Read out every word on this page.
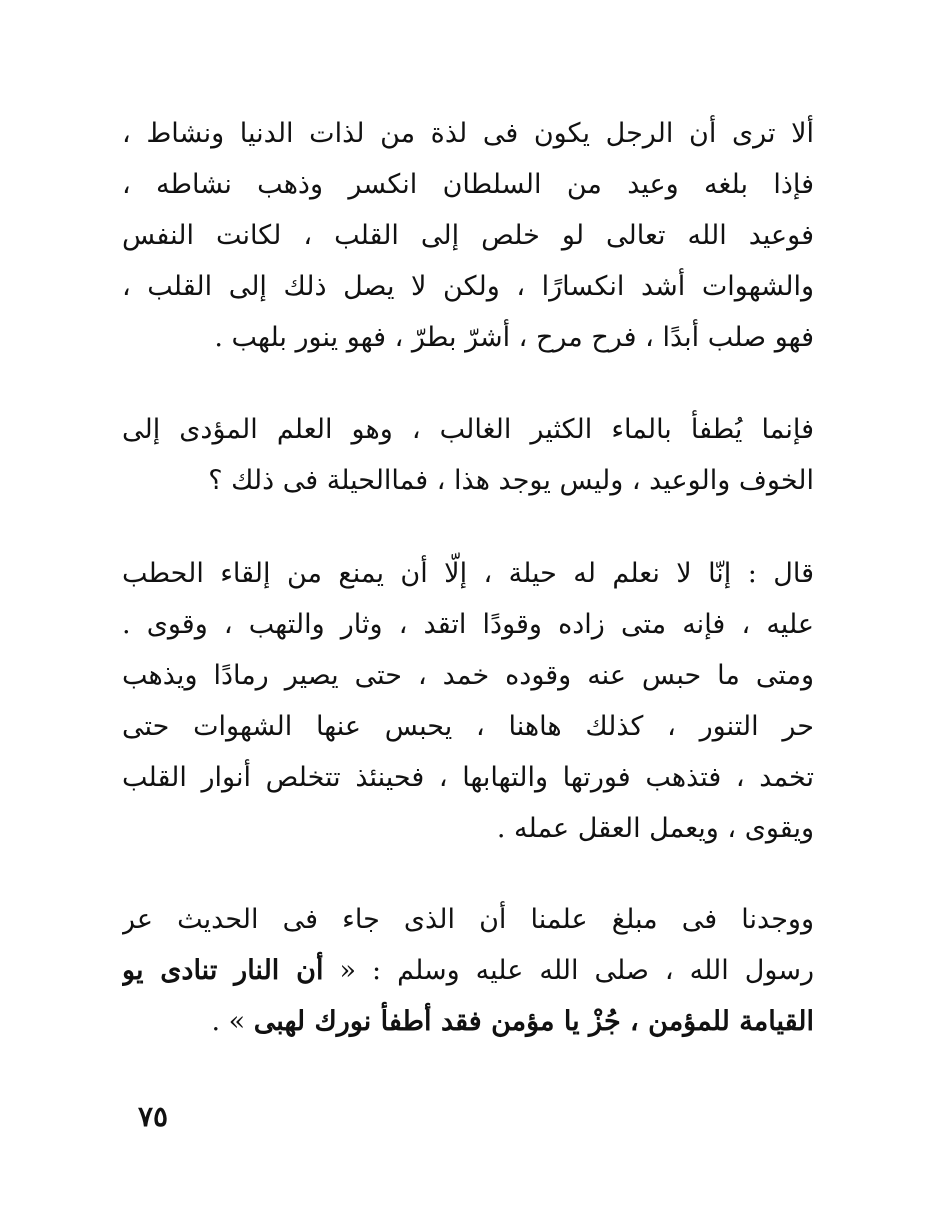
ألا ترى أن الرجل يكون فى لذة من لذات الدنيا ونشاط ،
فإذا بلغه وعيد من السلطان انكسر وذهب نشاطه ،
فوعيد الله تعالى لو خلص إلى القلب ، لكانت النفس
والشهوات أشد انكسارًا ، ولكن لا يصل ذلك إلى القلب ،
فهو صلب أبدًا ، فرح مرح ، أشرّ بطرّ ، فهو ينور بلهب .
فإنما يُطفأ بالماء الكثير الغالب ، وهو العلم المؤدى إلى
الخوف والوعيد ، وليس يوجد هذا ، فماالحيلة فى ذلك ؟
قال : إنّا لا نعلم له حيلة ، إلّا أن يمنع من إلقاء الحطب
عليه ، فإنه متى زاده وقودًا اتقد ، وثار والتهب ، وقوى .
ومتى ما حبس عنه وقوده خمد ، حتى يصير رمادًا ويذهب
حر التنور ، كذلك هاهنا ، يحبس عنها الشهوات حتى
تخمد ، فتذهب فورتها والتهابها ، فحينئذ تتخلص أنوار القلب
ويقوى ، ويعمل العقل عمله .
ووجدنا فى مبلغ علمنا أن الذى جاء فى الحديث عر
رسول الله ، صلى الله عليه وسلم : « أن النار تنادى يو
القيامة للمؤمن ، جُزْ يا مؤمن فقد أطفأ نورك لهبى » .
٧٥
